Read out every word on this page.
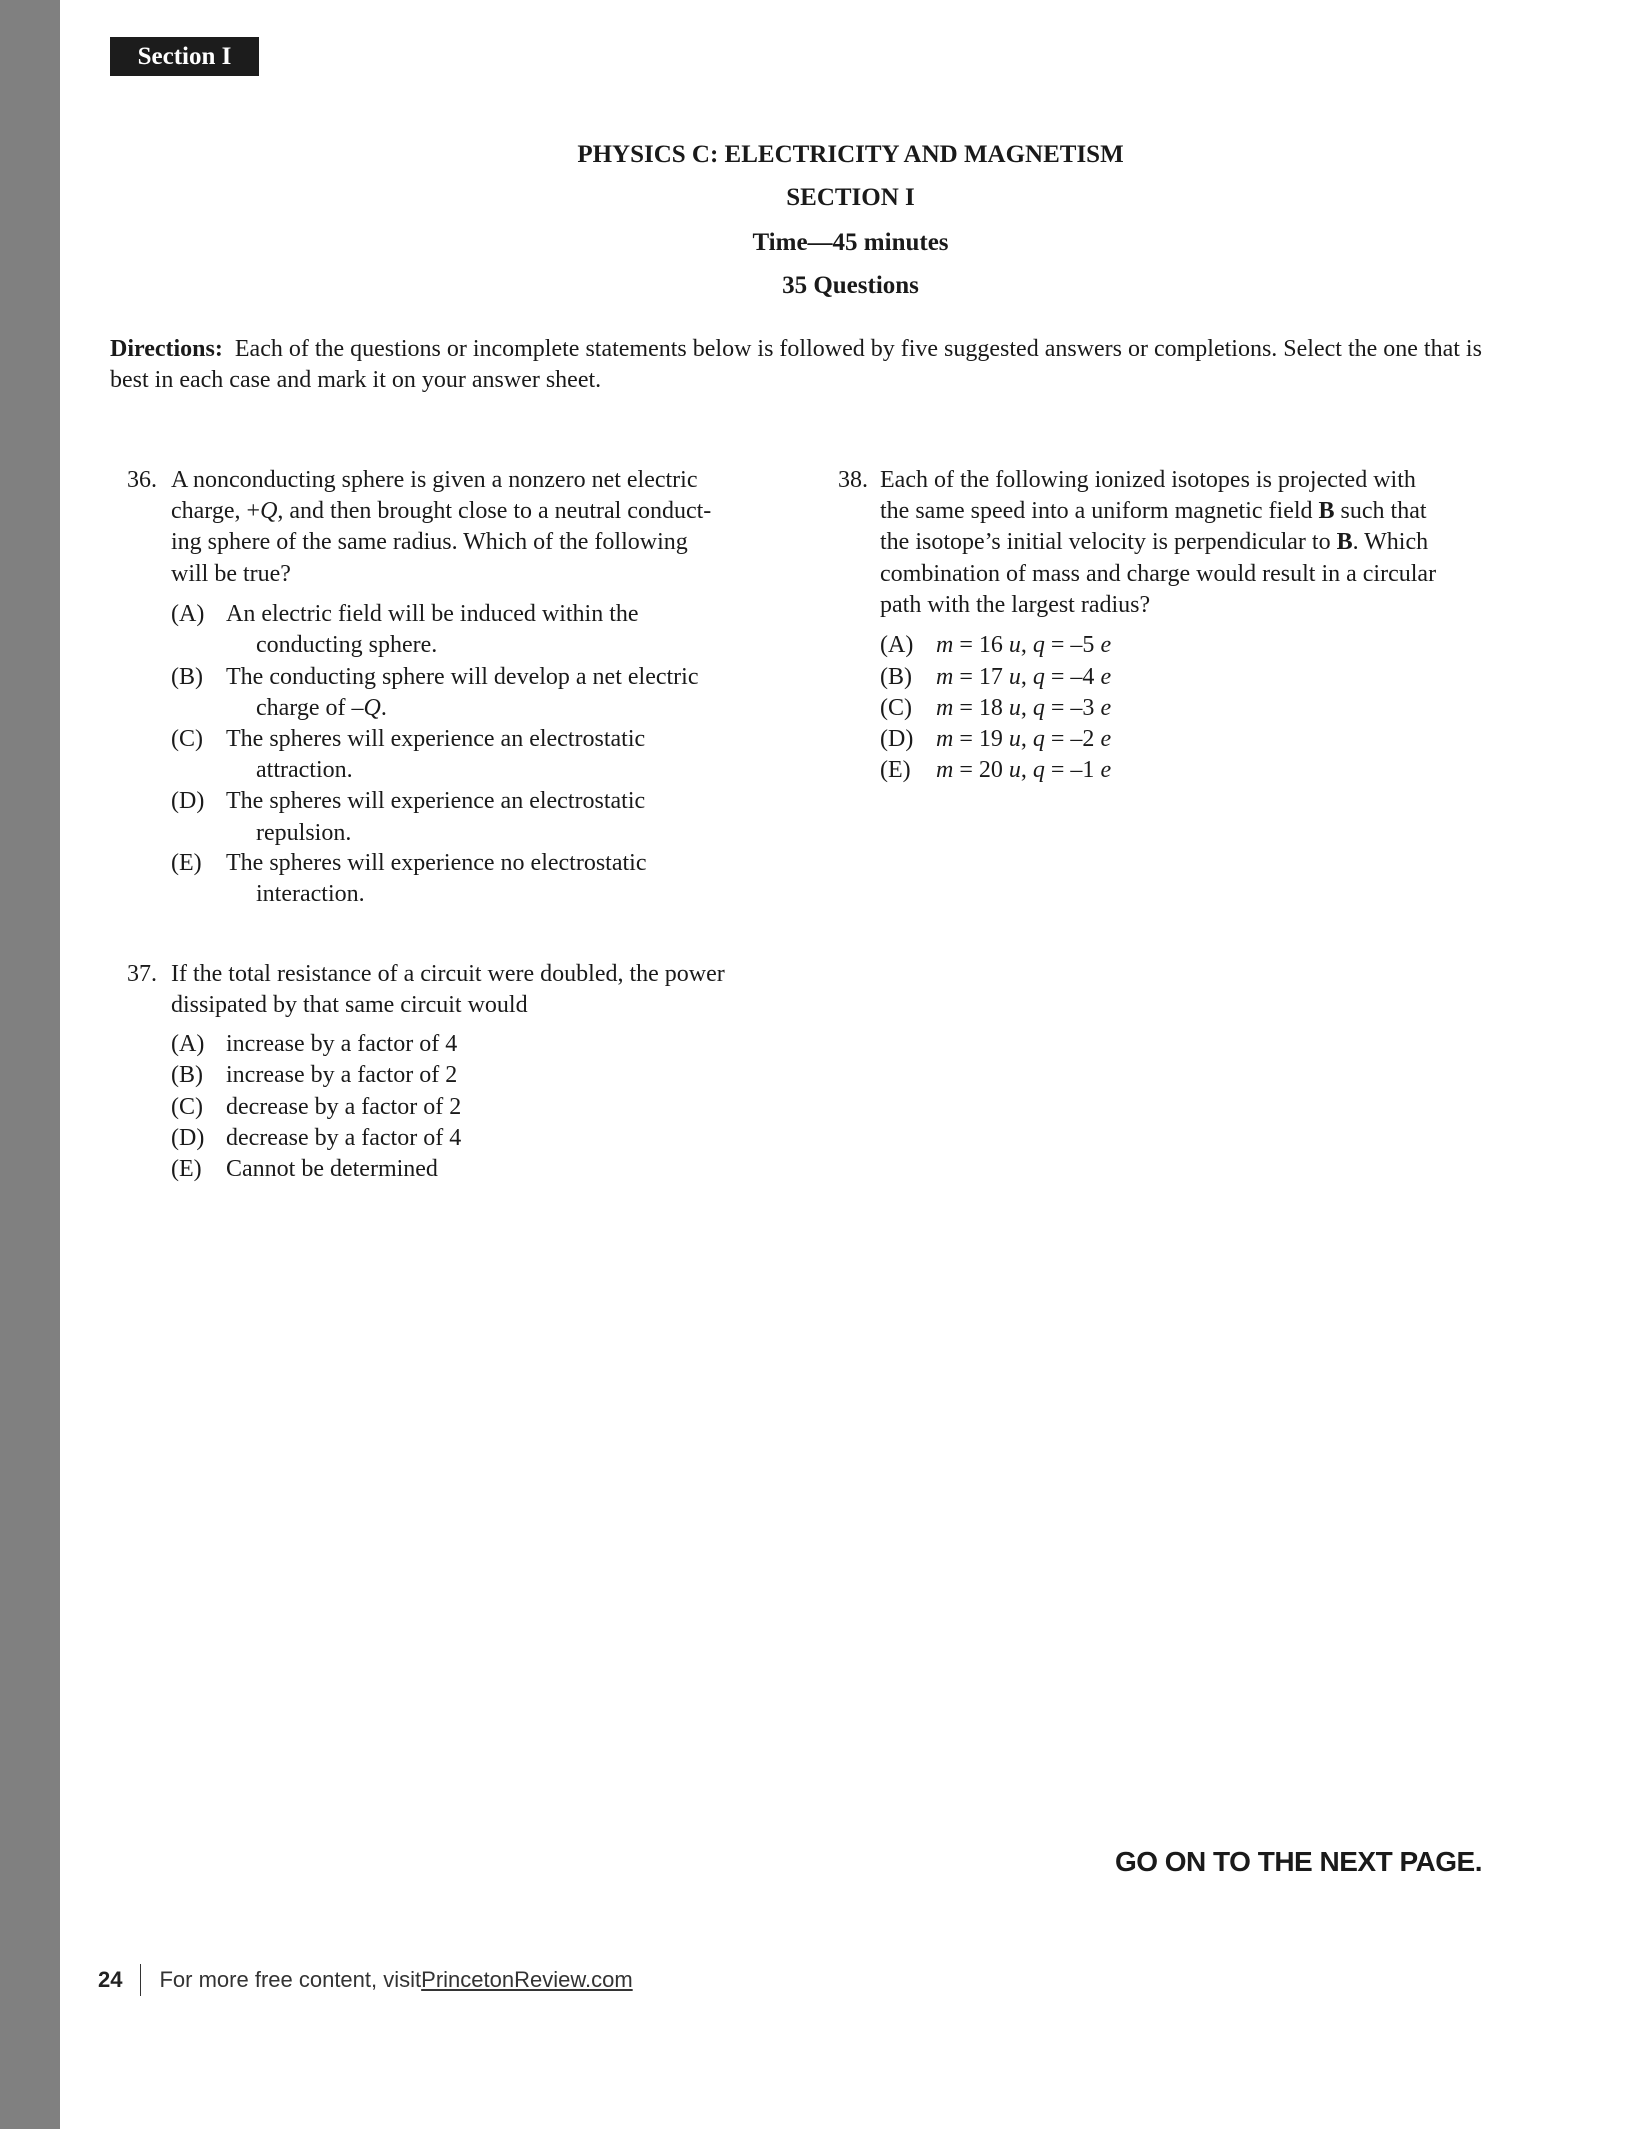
Section I
PHYSICS C: ELECTRICITY AND MAGNETISM
SECTION I
Time—45 minutes
35 Questions
Directions: Each of the questions or incomplete statements below is followed by five suggested answers or completions. Select the one that is best in each case and mark it on your answer sheet.
36. A nonconducting sphere is given a nonzero net electric
charge, +Q, and then brought close to a neutral conduct-
ing sphere of the same radius. Which of the following
will be true?
(A) An electric field will be induced within the
conducting sphere.
(B) The conducting sphere will develop a net electric
charge of –Q.
(C) The spheres will experience an electrostatic
attraction.
(D) The spheres will experience an electrostatic
repulsion.
(E) The spheres will experience no electrostatic
interaction.
37. If the total resistance of a circuit were doubled, the power
dissipated by that same circuit would
(A) increase by a factor of 4
(B) increase by a factor of 2
(C) decrease by a factor of 2
(D) decrease by a factor of 4
(E) Cannot be determined
38. Each of the following ionized isotopes is projected with
the same speed into a uniform magnetic field B such that
the isotope’s initial velocity is perpendicular to B. Which
combination of mass and charge would result in a circular
path with the largest radius?
(A) m = 16 u, q = –5 e
(B) m = 17 u, q = –4 e
(C) m = 18 u, q = –3 e
(D) m = 19 u, q = –2 e
(E) m = 20 u, q = –1 e
GO ON TO THE NEXT PAGE.
24 For more free content, visit PrincetonReview.com
